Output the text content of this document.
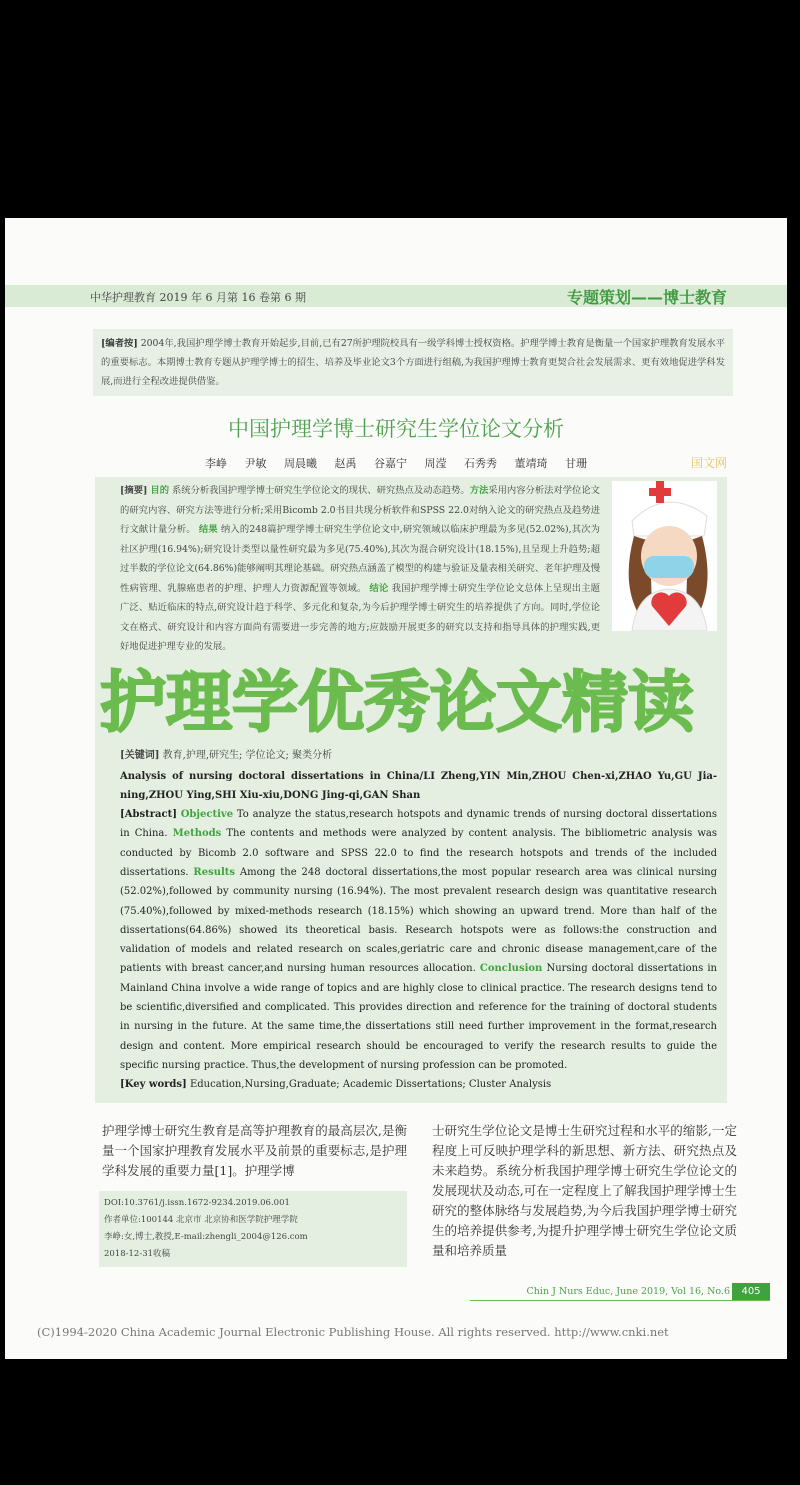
中华护理教育 2019 年 6 月第 16 卷第 6 期	专题策划——博士教育
[编者按] 2004年,我国护理学博士教育开始起步,目前,已有27所护理院校具有一级学科博士授权资格。护理学博士教育是衡量一个国家护理教育发展水平的重要标志。本期博士教育专题从护理学博士的招生、培养及毕业论文3个方面进行组稿,为我国护理博士教育更契合社会发展需求、更有效地促进学科发展,而进行全程改进提供借鉴。
中国护理学博士研究生学位论文分析
李峥 尹敏 周晨曦 赵禹 谷嘉宁 周滢 石秀秀 董靖琦 甘珊	国文网
[摘要] 目的 系统分析我国护理学博士研究生学位论文的现状、研究热点及动态趋势。方法采用内容分析法对学位论文的研究内容、研究方法等进行分析;采用Bicomb 2.0书目共现分析软件和SPSS 22.0对纳入论文的研究热点及趋势进行文献计量分析。 结果 纳入的248篇护理学博士研究生学位论文中,研究领域以临床护理最为多见(52.02%),其次为社区护理(16.94%);研究设计类型以量性研究最为多见(75.40%),其次为混合研究设计(18.15%),且呈现上升趋势;超过半数的学位论文(64.86%)能够阐明其理论基础。研究热点涵盖了模型的构建与验证及量表相关研究、老年护理及慢性病管理、乳腺癌患者的护理、护理人力资源配置等领域。 结论 我国护理学博士研究生学位论文总体上呈现出主题广泛、贴近临床的特点,研究设计趋于科学、多元化和复杂,为今后护理学博士研究生的培养提供了方向。同时,学位论文在格式、研究设计和内容方面尚有需要进一步完善的地方;应鼓励开展更多的研究以支持和指导具体的护理实践,更好地促进护理专业的发展。
护理学优秀论文精读
[关键词] 教育,护理,研究生; 学位论文; 聚类分析
Analysis of nursing doctoral dissertations in China/LI Zheng,YIN Min,ZHOU Chen-xi,ZHAO Yu,GU Jia-ning,ZHOU Ying,SHI Xiu-xiu,DONG Jing-qi,GAN Shan
[Abstract] Objective To analyze the status,research hotspots and dynamic trends of nursing doctoral dissertations in China. Methods The contents and methods were analyzed by content analysis. The bibliometric analysis was conducted by Bicomb 2.0 software and SPSS 22.0 to find the research hotspots and trends of the included dissertations. Results Among the 248 doctoral dissertations,the most popular research area was clinical nursing (52.02%),followed by community nursing (16.94%). The most prevalent research design was quantitative research (75.40%),followed by mixed-methods research (18.15%) which showing an upward trend. More than half of the dissertations(64.86%) showed its theoretical basis. Research hotspots were as follows:the construction and validation of models and related research on scales,geriatric care and chronic disease management,care of the patients with breast cancer,and nursing human resources allocation. Conclusion Nursing doctoral dissertations in Mainland China involve a wide range of topics and are highly close to clinical practice. The research designs tend to be scientific,diversified and complicated. This provides direction and reference for the training of doctoral students in nursing in the future. At the same time,the dissertations still need further improvement in the format,research design and content. More empirical research should be encouraged to verify the research results to guide the specific nursing practice. Thus,the development of nursing profession can be promoted.
[Key words] Education,Nursing,Graduate; Academic Dissertations; Cluster Analysis
护理学博士研究生教育是高等护理教育的最高层次,是衡量一个国家护理教育发展水平及前景的重要标志,是护理学科发展的重要力量[1]。护理学博
DOI:10.3761/j.issn.1672-9234.2019.06.001
作者单位:100144 北京市 北京协和医学院护理学院
李峥:女,博士,教授,E-mail:zhengli_2004@126.com
2018-12-31收稿
士研究生学位论文是博士生研究过程和水平的缩影,一定程度上可反映护理学科的新思想、新方法、研究热点及未来趋势。系统分析我国护理学博士研究生学位论文的发展现状及动态,可在一定程度上了解我国护理学博士生研究的整体脉络与发展趋势,为今后我国护理学博士研究生的培养提供参考,为提升护理学博士研究生学位论文质量和培养质量
Chin J Nurs Educ, June 2019, Vol 16, No.6	405
(C)1994-2020 China Academic Journal Electronic Publishing House. All rights reserved. http://www.cnki.net
